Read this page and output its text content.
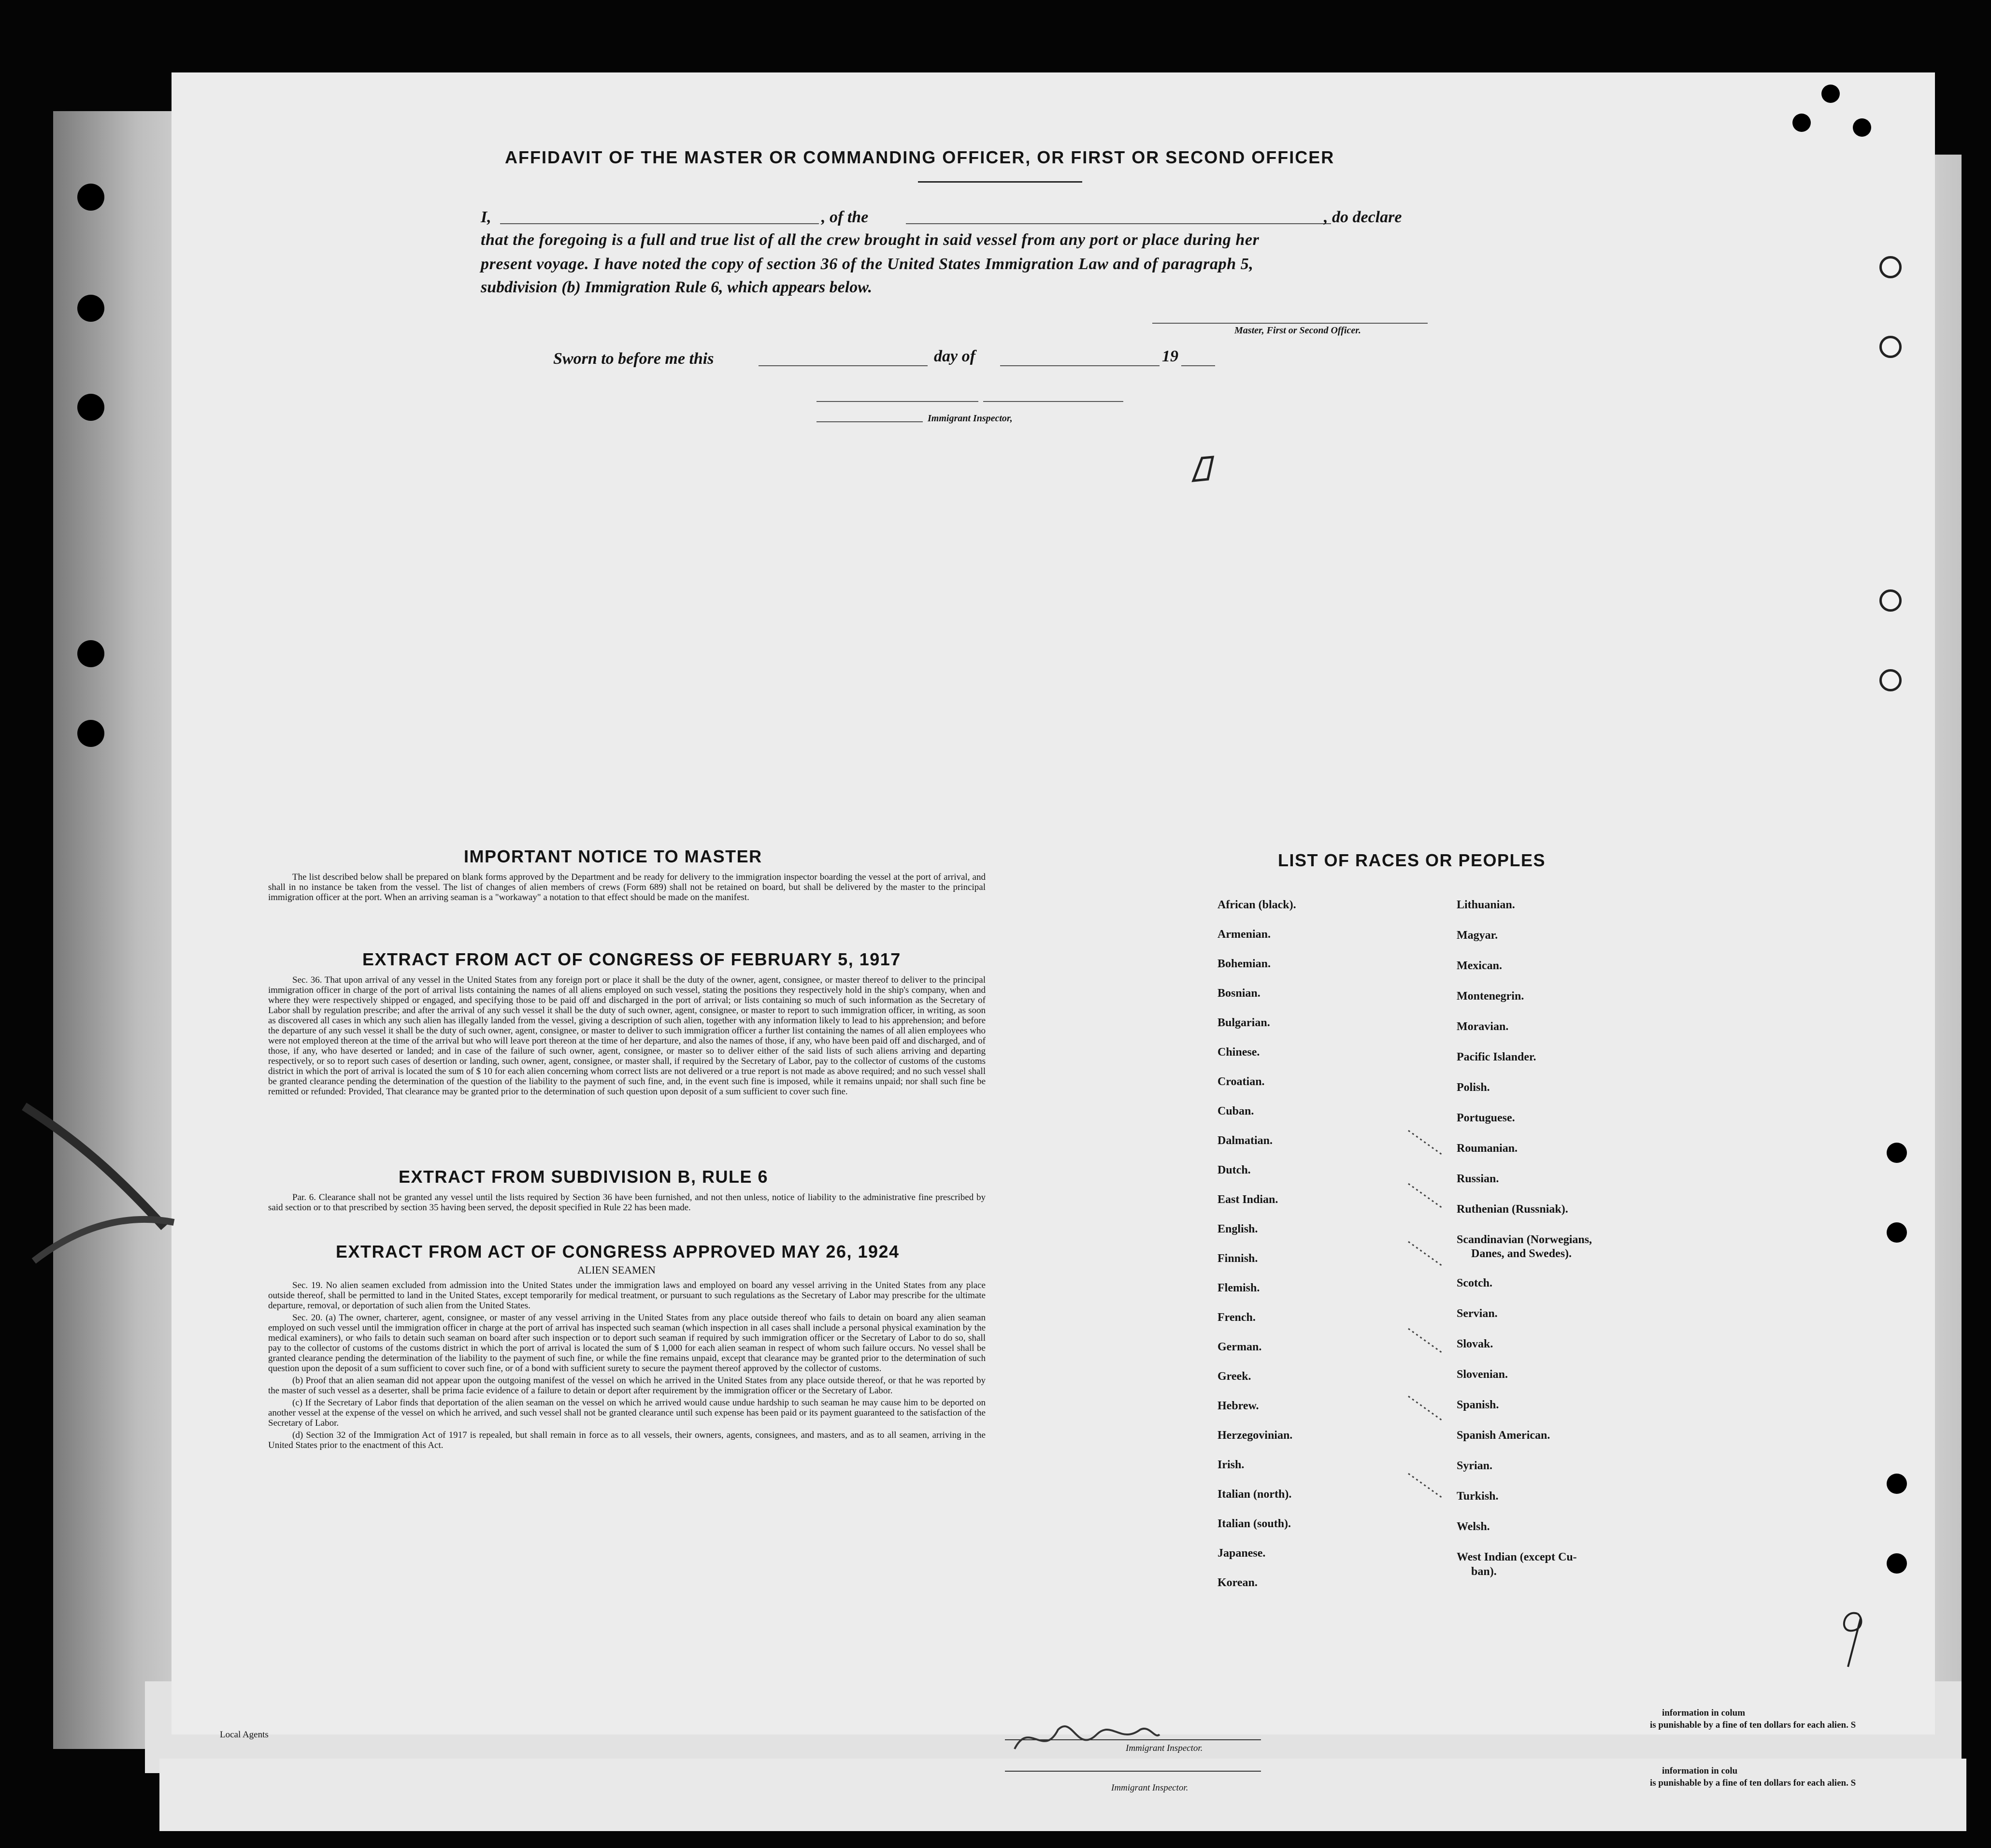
AFFIDAVIT OF THE MASTER OR COMMANDING OFFICER, OR FIRST OR SECOND OFFICER
I,	, of the	, do declare
that the foregoing is a full and true list of all the crew brought in said vessel from any port or place during her
present voyage. I have noted the copy of section 36 of the United States Immigration Law and of paragraph 5,
subdivision (b) Immigration Rule 6, which appears below.
Master, First or Second Officer.
Sworn to before me this	day of	19
Immigrant Inspector,
IMPORTANT NOTICE TO MASTER

The list described below shall be prepared on blank forms approved by the Department and be ready for delivery to the immigration inspector boarding the vessel at the port of arrival, and shall in no instance be taken from the vessel. The list of changes of alien members of crews (Form 689) shall not be retained on board, but shall be delivered by the master to the principal immigration officer at the port. When an arriving seaman is a "workaway" a notation to that effect should be made on the manifest.

EXTRACT FROM ACT OF CONGRESS OF FEBRUARY 5, 1917

Sec. 36. That upon arrival of any vessel in the United States from any foreign port or place it shall be the duty of the owner, agent, consignee, or master thereof to deliver to the principal immigration officer in charge of the port of arrival lists containing the names of all aliens employed on such vessel, stating the positions they respectively hold in the ship's company, when and where they were respectively shipped or engaged, and specifying those to be paid off and discharged in the port of arrival; or lists containing so much of such information as the Secretary of Labor shall by regulation prescribe; and after the arrival of any such vessel it shall be the duty of such owner, agent, consignee, or master to report to such immigration officer, in writing, as soon as discovered all cases in which any such alien has illegally landed from the vessel, giving a description of such alien, together with any information likely to lead to his apprehension; and before the departure of any such vessel it shall be the duty of such owner, agent, consignee, or master to deliver to such immigration officer a further list containing the names of all alien employees who were not employed thereon at the time of the arrival but who will leave port thereon at the time of her departure, and also the names of those, if any, who have been paid off and discharged, and of those, if any, who have deserted or landed; and in case of the failure of such owner, agent, consignee, or master so to deliver either of the said lists of such aliens arriving and departing respectively, or so to report such cases of desertion or landing, such owner, agent, consignee, or master shall, if required by the Secretary of Labor, pay to the collector of customs of the customs district in which the port of arrival is located the sum of $ 10 for each alien concerning whom correct lists are not delivered or a true report is not made as above required; and no such vessel shall be granted clearance pending the determination of the question of the liability to the payment of such fine, and, in the event such fine is imposed, while it remains unpaid; nor shall such fine be remitted or refunded: Provided, That clearance may be granted prior to the determination of such question upon deposit of a sum sufficient to cover such fine.

EXTRACT FROM SUBDIVISION B, RULE 6

Par. 6. Clearance shall not be granted any vessel until the lists required by Section 36 have been furnished, and not then unless, notice of liability to the administrative fine prescribed by said section or to that prescribed by section 35 having been served, the deposit specified in Rule 22 has been made.

EXTRACT FROM ACT OF CONGRESS APPROVED MAY 26, 1924
ALIEN SEAMEN

Sec. 19. No alien seamen excluded from admission into the United States under the immigration laws and employed on board any vessel arriving in the United States from any place outside thereof, shall be permitted to land in the United States, except temporarily for medical treatment, or pursuant to such regulations as the Secretary of Labor may prescribe for the ultimate departure, removal, or deportation of such alien from the United States.

Sec. 20. (a) The owner, charterer, agent, consignee, or master of any vessel arriving in the United States from any place outside thereof who fails to detain on board any alien seaman employed on such vessel until the immigration officer in charge at the port of arrival has inspected such seaman (which inspection in all cases shall include a personal physical examination by the medical examiners), or who fails to detain such seaman on board after such inspection or to deport such seaman if required by such immigration officer or the Secretary of Labor to do so, shall pay to the collector of customs of the customs district in which the port of arrival is located the sum of $ 1,000 for each alien seaman in respect of whom such failure occurs. No vessel shall be granted clearance pending the determination of the liability to the payment of such fine, or while the fine remains unpaid, except that clearance may be granted prior to the determination of such question upon the deposit of a sum sufficient to cover such fine, or of a bond with sufficient surety to secure the payment thereof approved by the collector of customs.

(b) Proof that an alien seaman did not appear upon the outgoing manifest of the vessel on which he arrived in the United States from any place outside thereof, or that he was reported by the master of such vessel as a deserter, shall be prima facie evidence of a failure to detain or deport after requirement by the immigration officer or the Secretary of Labor.

(c) If the Secretary of Labor finds that deportation of the alien seaman on the vessel on which he arrived would cause undue hardship to such seaman he may cause him to be deported on another vessel at the expense of the vessel on which he arrived, and such vessel shall not be granted clearance until such expense has been paid or its payment guaranteed to the satisfaction of the Secretary of Labor.

(d) Section 32 of the Immigration Act of 1917 is repealed, but shall remain in force as to all vessels, their owners, agents, consignees, and masters, and as to all seamen, arriving in the United States prior to the enactment of this Act.

LIST OF RACES OR PEOPLES
African (black).
Armenian.
Bohemian.
Bosnian.
Bulgarian.
Chinese.
Croatian.
Cuban.
Dalmatian.
Dutch.
East Indian.
English.
Finnish.
Flemish.
French.
German.
Greek.
Hebrew.
Herzegovinian.
Irish.
Italian (north).
Italian (south).
Japanese.
Korean.
Lithuanian.
Magyar.
Mexican.
Montenegrin.
Moravian.
Pacific Islander.
Polish.
Portuguese.
Roumanian.
Russian.
Ruthenian (Russniak).
Scandinavian (Norwegians,
Danes, and Swedes).
Scotch.
Servian.
Slovak.
Slovenian.
Spanish.
Spanish American.
Syrian.
Turkish.
Welsh.
West Indian (except Cu-
ban).
Local Agents
Immigrant Inspector.
Immigrant Inspector.
information in colum
is punishable by a fine of ten dollars for each alien. S
information in colu
is punishable by a fine of ten dollars for each alien. S
